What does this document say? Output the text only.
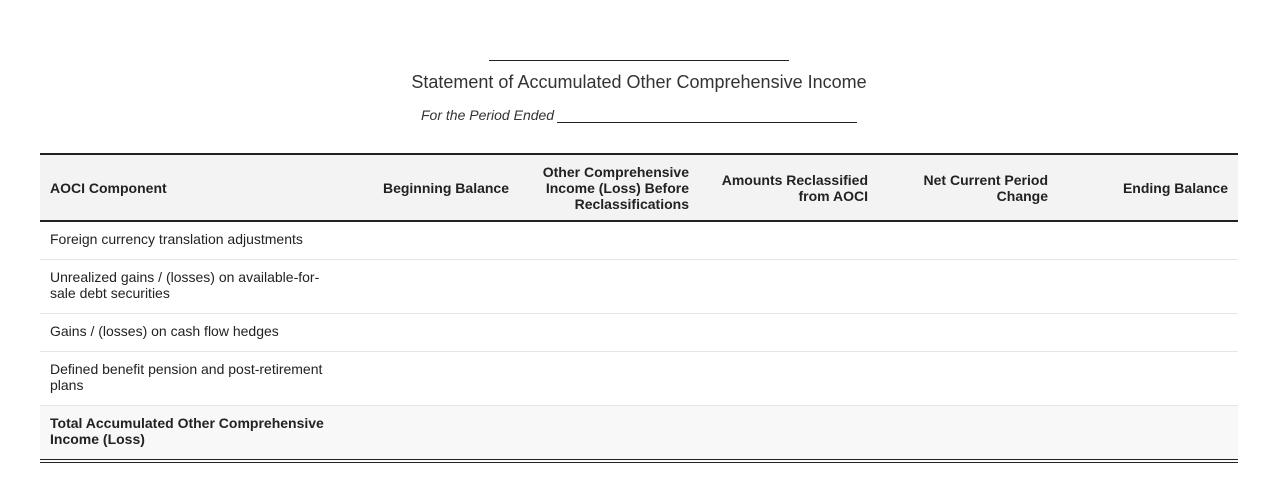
Statement of Accumulated Other Comprehensive Income
For the Period Ended
AOCI Component	Beginning Balance	Other Comprehensive Income (Loss) Before Reclassifications	Amounts Reclassified from AOCI	Net Current Period Change	Ending Balance
Foreign currency translation adjustments					
Unrealized gains / (losses) on available-for-sale debt securities					
Gains / (losses) on cash flow hedges					
Defined benefit pension and post-retirement plans					
Total Accumulated Other Comprehensive Income (Loss)					
